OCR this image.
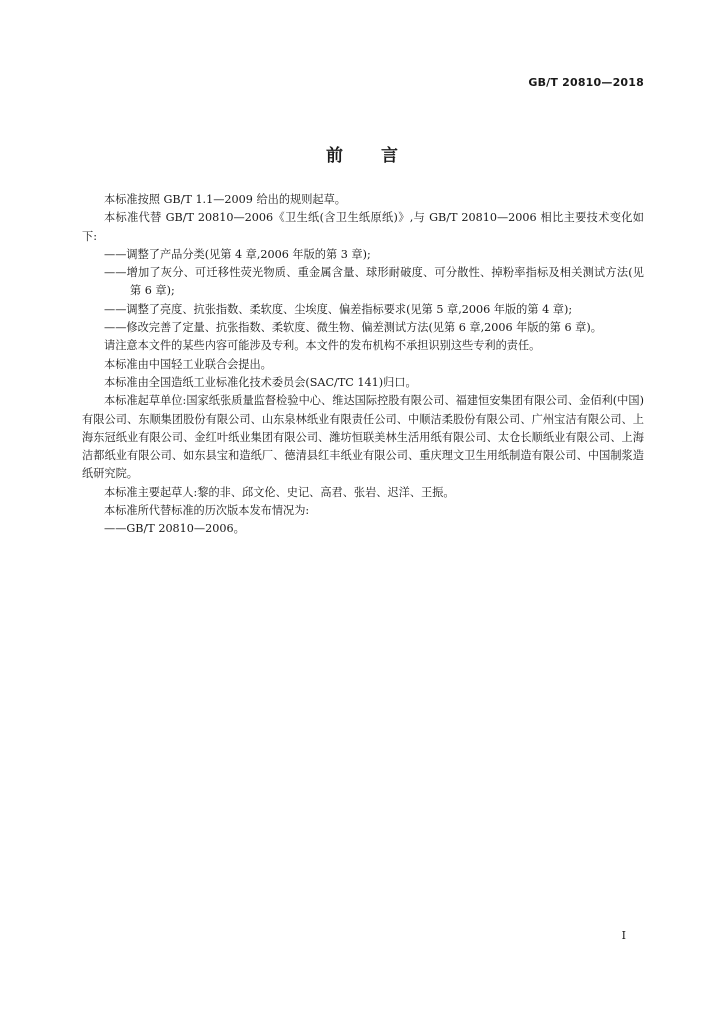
GB/T 20810—2018
前言

本标准按照 GB/T 1.1—2009 给出的规则起草。

本标准代替 GB/T 20810—2006《卫生纸(含卫生纸原纸)》,与 GB/T 20810—2006 相比主要技术变化如下:

——调整了产品分类(见第 4 章,2006 年版的第 3 章);

——增加了灰分、可迁移性荧光物质、重金属含量、球形耐破度、可分散性、掉粉率指标及相关测试方法(见第 6 章);

——调整了亮度、抗张指数、柔软度、尘埃度、偏差指标要求(见第 5 章,2006 年版的第 4 章);

——修改完善了定量、抗张指数、柔软度、微生物、偏差测试方法(见第 6 章,2006 年版的第 6 章)。

请注意本文件的某些内容可能涉及专利。本文件的发布机构不承担识别这些专利的责任。

本标准由中国轻工业联合会提出。

本标准由全国造纸工业标准化技术委员会(SAC/TC 141)归口。

本标准起草单位:国家纸张质量监督检验中心、维达国际控股有限公司、福建恒安集团有限公司、金佰利(中国)有限公司、东顺集团股份有限公司、山东泉林纸业有限责任公司、中顺洁柔股份有限公司、广州宝洁有限公司、上海东冠纸业有限公司、金红叶纸业集团有限公司、潍坊恒联美林生活用纸有限公司、太仓长顺纸业有限公司、上海洁都纸业有限公司、如东县宝和造纸厂、德清县红丰纸业有限公司、重庆理文卫生用纸制造有限公司、中国制浆造纸研究院。

本标准主要起草人:黎的非、邱文伦、史记、高君、张岩、迟洋、王振。

本标准所代替标准的历次版本发布情况为:

——GB/T 20810—2006。

I
